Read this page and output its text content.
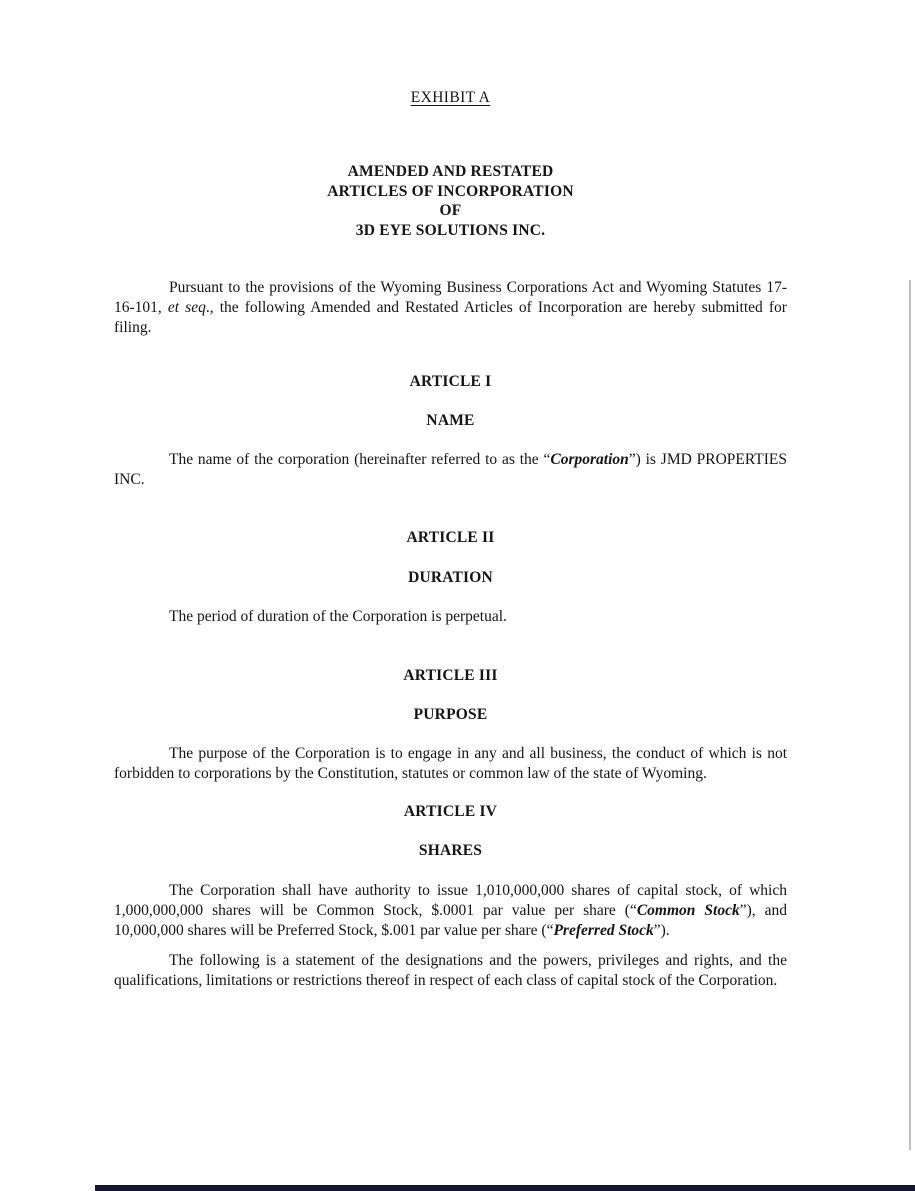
EXHIBIT A
AMENDED AND RESTATED
ARTICLES OF INCORPORATION
OF
3D EYE SOLUTIONS INC.

Pursuant to the provisions of the Wyoming Business Corporations Act and Wyoming Statutes 17-16-101, et seq., the following Amended and Restated Articles of Incorporation are hereby submitted for filing.

ARTICLE I
NAME

The name of the corporation (hereinafter referred to as the “Corporation”) is JMD PROPERTIES INC.

ARTICLE II
DURATION

The period of duration of the Corporation is perpetual.

ARTICLE III
PURPOSE

The purpose of the Corporation is to engage in any and all business, the conduct of which is not forbidden to corporations by the Constitution, statutes or common law of the state of Wyoming.

ARTICLE IV
SHARES

The Corporation shall have authority to issue 1,010,000,000 shares of capital stock, of which 1,000,000,000 shares will be Common Stock, $.0001 par value per share (“Common Stock”), and 10,000,000 shares will be Preferred Stock, $.001 par value per share (“Preferred Stock”).

The following is a statement of the designations and the powers, privileges and rights, and the qualifications, limitations or restrictions thereof in respect of each class of capital stock of the Corporation.
